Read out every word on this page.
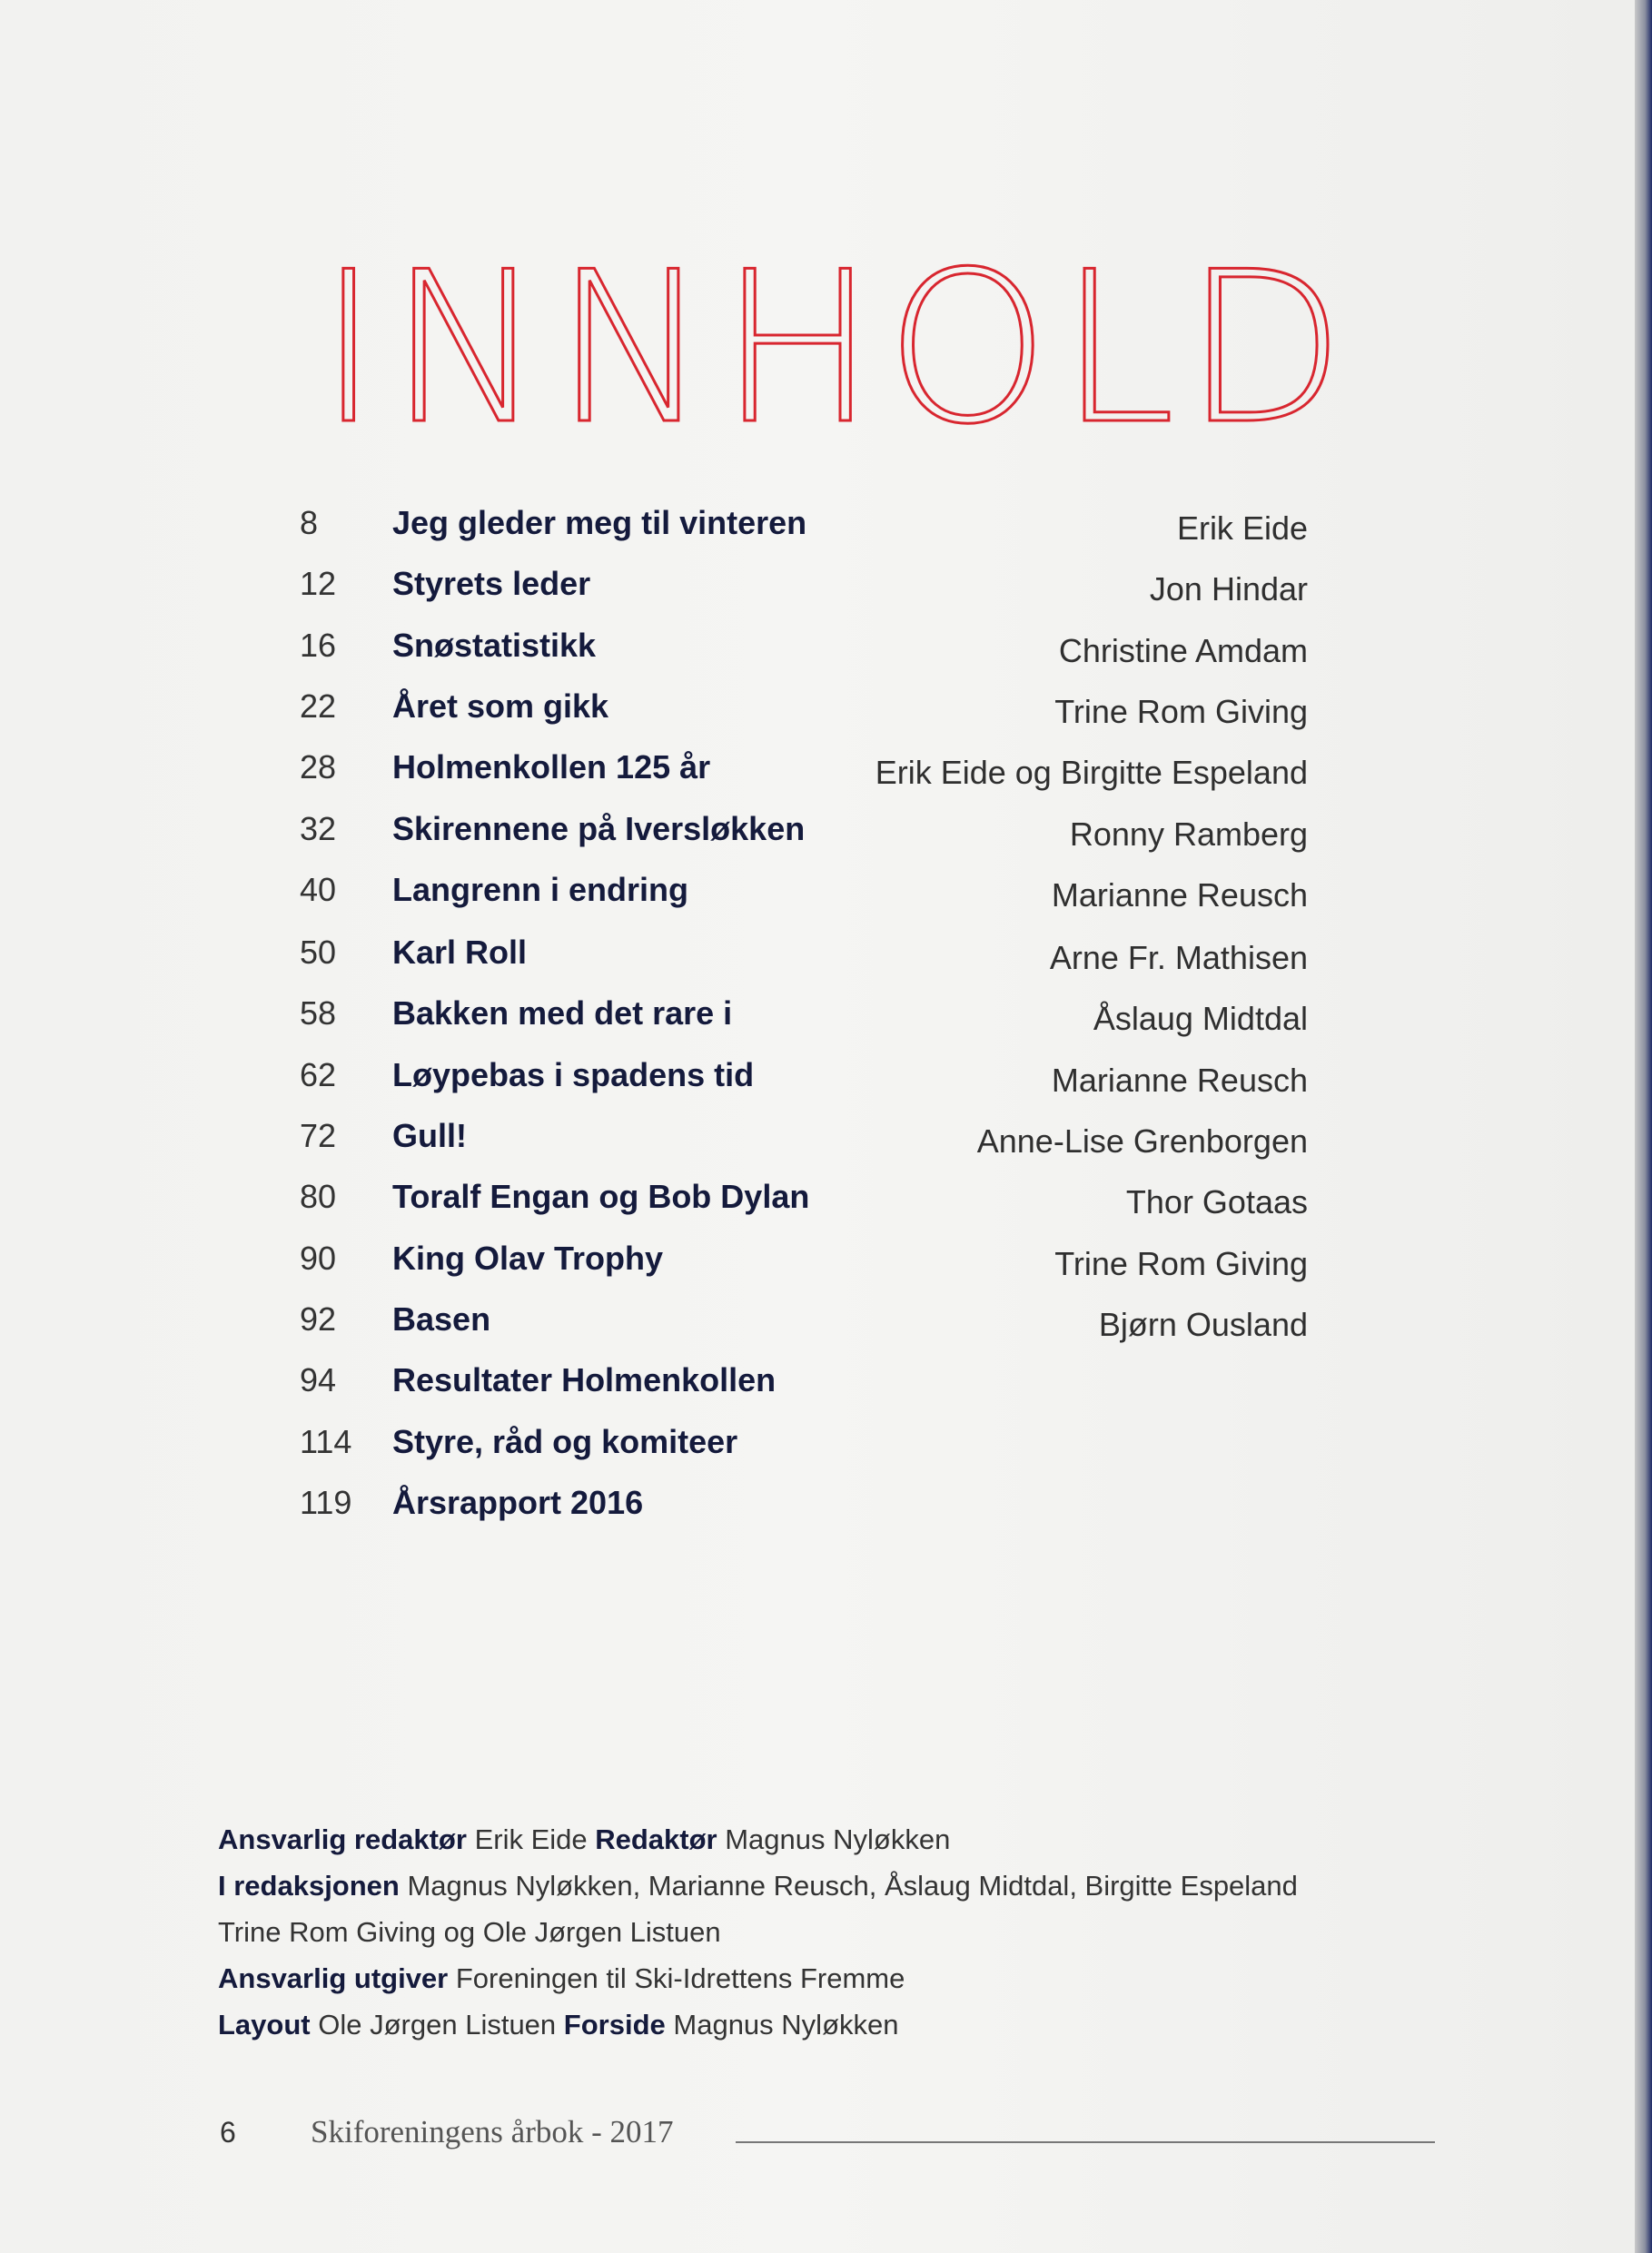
INNHOLD
8	Jeg gleder meg til vinteren	Erik Eide
12	Styrets leder	Jon Hindar
16	Snøstatistikk	Christine Amdam
22	Året som gikk	Trine Rom Giving
28	Holmenkollen 125 år	Erik Eide og Birgitte Espeland
32	Skirennene på Iversløkken	Ronny Ramberg
40	Langrenn i endring	Marianne Reusch
50	Karl Roll	Arne Fr. Mathisen
58	Bakken med det rare i	Åslaug Midtdal
62	Løypebas i spadens tid	Marianne Reusch
72	Gull!	Anne-Lise Grenborgen
80	Toralf Engan og Bob Dylan	Thor Gotaas
90	King Olav Trophy	Trine Rom Giving
92	Basen	Bjørn Ousland
94	Resultater Holmenkollen
114	Styre, råd og komiteer
119	Årsrapport 2016
Ansvarlig redaktør Erik Eide Redaktør Magnus Nyløkken
I redaksjonen Magnus Nyløkken, Marianne Reusch, Åslaug Midtdal, Birgitte Espeland
Trine Rom Giving og Ole Jørgen Listuen
Ansvarlig utgiver Foreningen til Ski-Idrettens Fremme
Layout Ole Jørgen Listuen Forside Magnus Nyløkken
6 Skiforeningens årbok - 2017
